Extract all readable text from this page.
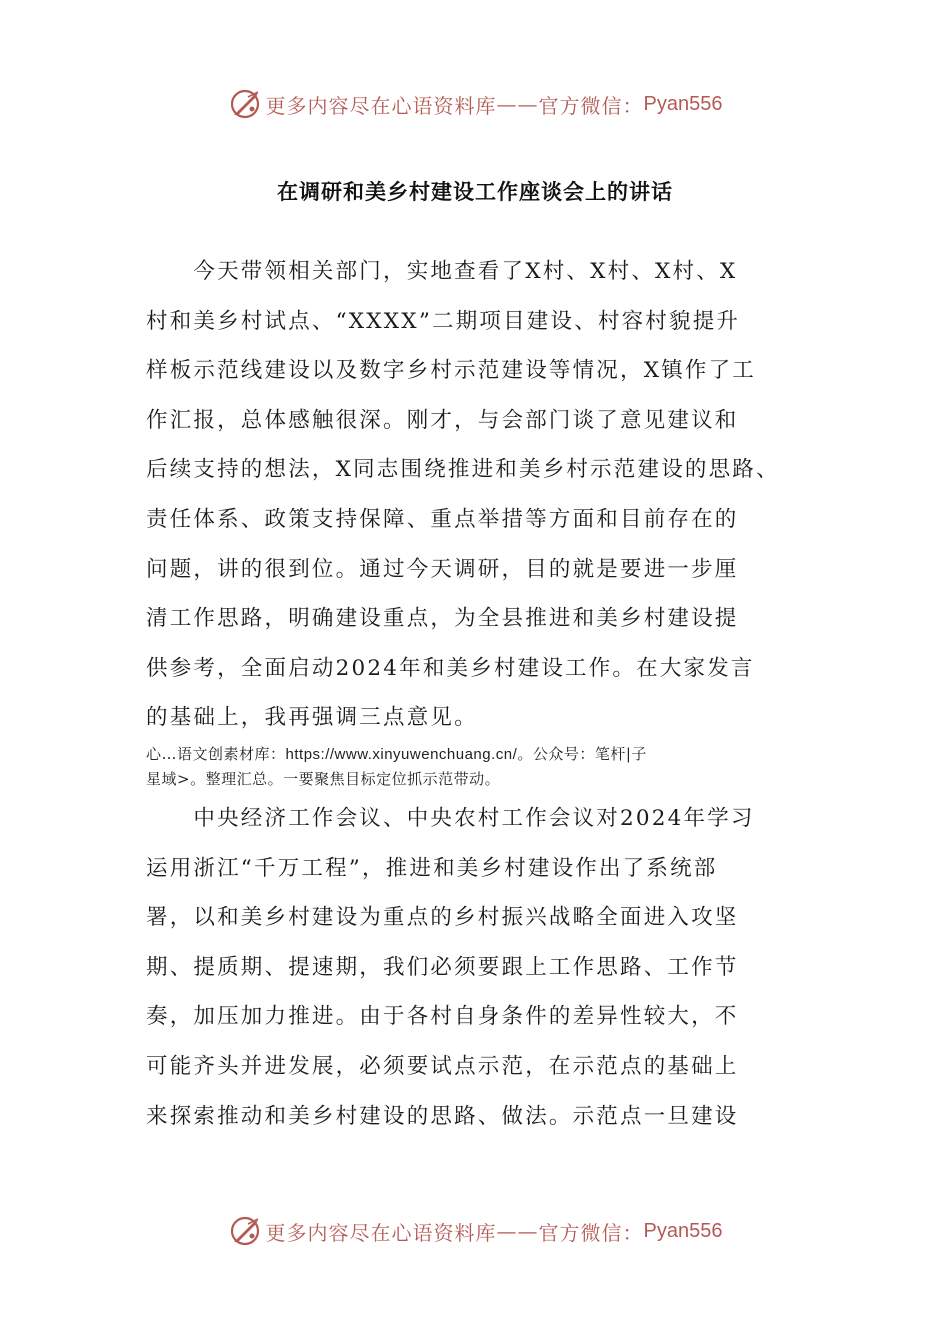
更多内容尽在心语资料库 —— 官方微信： Pyan556
在调研和美乡村建设工作座谈会上的讲话

　　今天带领相关部门，实地查看了X村、X村、X村、X
村和美乡村试点、“XXXX”二期项目建设、村容村貌提升
样板示范线建设以及数字乡村示范建设等情况，X镇作了工
作汇报，总体感触很深。刚才，与会部门谈了意见建议和
后续支持的想法，X同志围绕推进和美乡村示范建设的思路、
责任体系、政策支持保障、重点举措等方面和目前存在的
问题，讲的很到位。通过今天调研，目的就是要进一步厘
清工作思路，明确建设重点，为全县推进和美乡村建设提
供参考，全面启动2024年和美乡村建设工作。在大家发言
的基础上，我再强调三点意见。

心…语文创素材库：https://www.xinyuwenchuang.cn/。公众号：笔杆|子
星域>。整理汇总。一要聚焦目标定位抓示范带动。

　　中央经济工作会议、中央农村工作会议对2024年学习
运用浙江“千万工程”，推进和美乡村建设作出了系统部
署，以和美乡村建设为重点的乡村振兴战略全面进入攻坚
期、提质期、提速期，我们必须要跟上工作思路、工作节
奏，加压加力推进。由于各村自身条件的差异性较大，不
可能齐头并进发展，必须要试点示范，在示范点的基础上
来探索推动和美乡村建设的思路、做法。示范点一旦建设

更多内容尽在心语资料库 —— 官方微信： Pyan556
